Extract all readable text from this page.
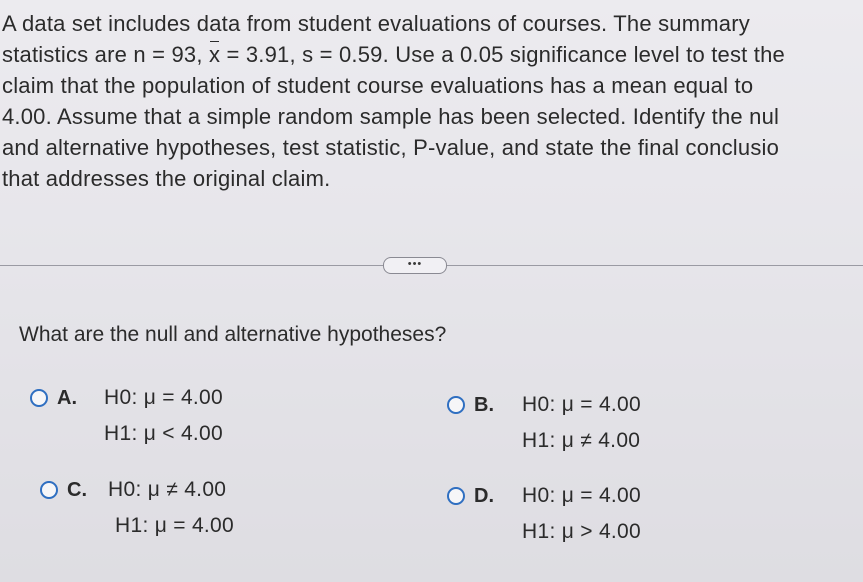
A data set includes data from student evaluations of courses. The summary
statistics are n = 93, x = 3.91, s = 0.59. Use a 0.05 significance level to test the
claim that the population of student course evaluations has a mean equal to
4.00. Assume that a simple random sample has been selected. Identify the nul
and alternative hypotheses, test statistic, P-value, and state the final conclusio
that addresses the original claim.
•••
What are the null and alternative hypotheses?
A. H0: μ = 4.00
H1: μ < 4.00
B. H0: μ = 4.00
H1: μ ≠ 4.00
C. H0: μ ≠ 4.00
H1: μ = 4.00
D. H0: μ = 4.00
H1: μ > 4.00
